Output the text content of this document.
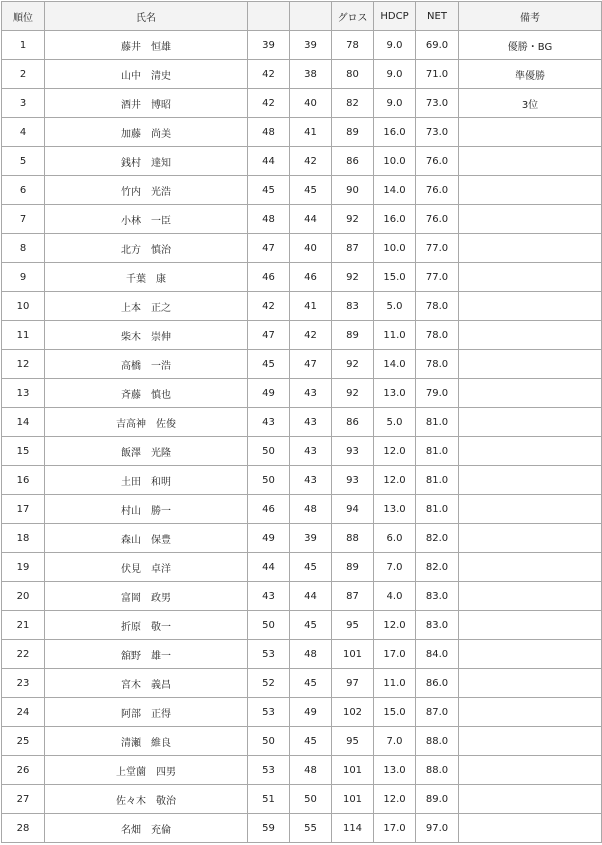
順位	氏名			グロス	HDCP	NET	備考
1	藤井　恒雄	39	39	78	9.0	69.0	優勝・BG
2	山中　清史	42	38	80	9.0	71.0	準優勝
3	酒井　博昭	42	40	82	9.0	73.0	3位
4	加藤　尚美	48	41	89	16.0	73.0	
5	銭村　達知	44	42	86	10.0	76.0	
6	竹内　光浩	45	45	90	14.0	76.0	
7	小林　一臣	48	44	92	16.0	76.0	
8	北方　慎治	47	40	87	10.0	77.0	
9	千葉　康	46	46	92	15.0	77.0	
10	上本　正之	42	41	83	5.0	78.0	
11	柴木　崇伸	47	42	89	11.0	78.0	
12	高橋　一浩	45	47	92	14.0	78.0	
13	斉藤　慎也	49	43	92	13.0	79.0	
14	吉高神　佐俊	43	43	86	5.0	81.0	
15	飯澤　光隆	50	43	93	12.0	81.0	
16	土田　和明	50	43	93	12.0	81.0	
17	村山　勝一	46	48	94	13.0	81.0	
18	森山　保豊	49	39	88	6.0	82.0	
19	伏見　卓洋	44	45	89	7.0	82.0	
20	富岡　政男	43	44	87	4.0	83.0	
21	折原　敬一	50	45	95	12.0	83.0	
22	舘野　雄一	53	48	101	17.0	84.0	
23	宮木　義昌	52	45	97	11.0	86.0	
24	阿部　正得	53	49	102	15.0	87.0	
25	清瀬　維良	50	45	95	7.0	88.0	
26	上堂薗　四男	53	48	101	13.0	88.0	
27	佐々木　敬治	51	50	101	12.0	89.0	
28	名畑　充倫	59	55	114	17.0	97.0	
